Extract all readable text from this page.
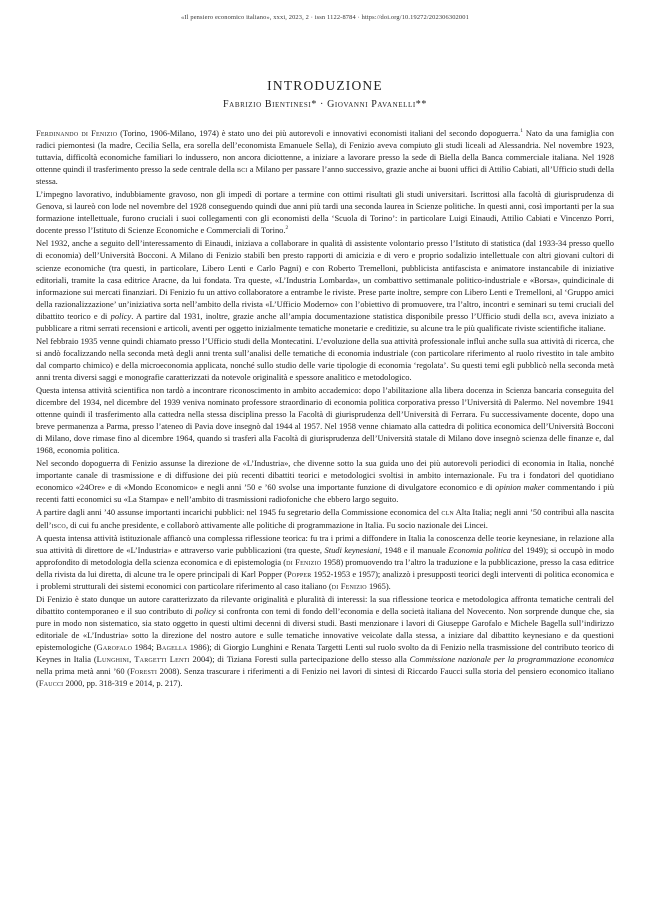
«Il pensiero economico italiano», xxxi, 2023, 2 · issn 1122-8784 · https://doi.org/10.19272/202306302001
INTRODUZIONE
Fabrizio Bientinesi* · Giovanni Pavanelli**

Ferdinando di Fenizio (Torino, 1906-Milano, 1974) è stato uno dei più autorevoli e innovativi economisti italiani del secondo dopoguerra.$^1$ Nato da una famiglia con radici piemontesi (la madre, Cecilia Sella, era sorella dell’economista Emanuele Sella), di Fenizio aveva compiuto gli studi liceali ad Alessandria. Nel novembre 1923, tuttavia, difficoltà economiche familiari lo indussero, non ancora diciottenne, a iniziare a lavorare presso la sede di Biella della Banca commerciale italiana. Nel 1928 ottenne quindi il trasferimento presso la sede centrale della bci a Milano per passare l’anno successivo, grazie anche ai buoni uffici di Attilio Cabiati, all’Ufficio studi della stessa.

L’impegno lavorativo, indubbiamente gravoso, non gli impedì di portare a termine con ottimi risultati gli studi universitari. Iscrittosi alla facoltà di giurisprudenza di Genova, si laureò con lode nel novembre del 1928 conseguendo quindi due anni più tardi una seconda laurea in Scienze politiche. In questi anni, così importanti per la sua formazione intellettuale, furono cruciali i suoi collegamenti con gli economisti della ‘Scuola di Torino’: in particolare Luigi Einaudi, Attilio Cabiati e Vincenzo Porri, docente presso l’Istituto di Scienze Economiche e Commerciali di Torino.$^2$

Nel 1932, anche a seguito dell’interessamento di Einaudi, iniziava a collaborare in qualità di assistente volontario presso l’Istituto di statistica (dal 1933-34 presso quello di economia) dell’Università Bocconi. A Milano di Fenizio stabilì ben presto rapporti di amicizia e di vero e proprio sodalizio intellettuale con altri giovani cultori di scienze economiche (tra questi, in particolare, Libero Lenti e Carlo Pagni) e con Roberto Tremelloni, pubblicista antifascista e animatore instancabile di iniziative editoriali, tramite la casa editrice Aracne, da lui fondata. Tra queste, «L’Industria Lombarda», un combattivo settimanale politico-industriale e «Borsa», quindicinale di informazione sui mercati finanziari. Di Fenizio fu un attivo collaboratore a entrambe le riviste. Prese parte inoltre, sempre con Libero Lenti e Tremelloni, al ‘Gruppo amici della razionalizzazione’ un’iniziativa sorta nell’ambito della rivista «L’Ufficio Moderno» con l’obiettivo di promuovere, tra l’altro, incontri e seminari su temi cruciali del dibattito teorico e di policy. A partire dal 1931, inoltre, grazie anche all’ampia documentazione statistica disponibile presso l’Ufficio studi della bci, aveva iniziato a pubblicare a ritmi serrati recensioni e articoli, aventi per oggetto inizialmente tematiche monetarie e creditizie, su alcune tra le più qualificate riviste scientifiche italiane.

Nel febbraio 1935 venne quindi chiamato presso l’Ufficio studi della Montecatini. L’evoluzione della sua attività professionale influì anche sulla sua attività di ricerca, che si andò focalizzando nella seconda metà degli anni trenta sull’analisi delle tematiche di economia industriale (con particolare riferimento al ruolo rivestito in tale ambito dal comparto chimico) e della microeconomia applicata, nonché sullo studio delle varie tipologie di economia ‘regolata’. Su questi temi egli pubblicò nella seconda metà anni trenta diversi saggi e monografie caratterizzati da notevole originalità e spessore analitico e metodologico.

Questa intensa attività scientifica non tardò a incontrare riconoscimento in ambito accademico: dopo l’abilitazione alla libera docenza in Scienza bancaria conseguita del dicembre del 1934, nel dicembre del 1939 veniva nominato professore straordinario di economia politica corporativa presso l’Università di Palermo. Nel novembre 1941 ottenne quindi il trasferimento alla cattedra nella stessa disciplina presso la Facoltà di giurisprudenza dell’Università di Ferrara. Fu successivamente docente, dopo una breve permanenza a Parma, presso l’ateneo di Pavia dove insegnò dal 1944 al 1957. Nel 1958 venne chiamato alla cattedra di politica economica dell’Università Bocconi di Milano, dove rimase fino al dicembre 1964, quando si trasferì alla Facoltà di giurisprudenza dell’Università statale di Milano dove insegnò scienza delle finanze e, dal 1968, economia politica.

Nel secondo dopoguerra di Fenizio assunse la direzione de «L’Industria», che divenne sotto la sua guida uno dei più autorevoli periodici di economia in Italia, nonché importante canale di trasmissione e di diffusione dei più recenti dibattiti teorici e metodologici svoltisi in ambito internazionale. Fu tra i fondatori del quotidiano economico «24Ore» e di «Mondo Economico» e negli anni ’50 e ’60 svolse una importante funzione di divulgatore economico e di opinion maker commentando i più recenti fatti economici su «La Stampa» e nell’ambito di trasmissioni radiofoniche che ebbero largo seguito.

A partire dagli anni ’40 assunse importanti incarichi pubblici: nel 1945 fu segretario della Commissione economica del cln Alta Italia; negli anni ’50 contribuì alla nascita dell’isco, di cui fu anche presidente, e collaborò attivamente alle politiche di programmazione in Italia. Fu socio nazionale dei Lincei.

A questa intensa attività istituzionale affiancò una complessa riflessione teorica: fu tra i primi a diffondere in Italia la conoscenza delle teorie keynesiane, in relazione alla sua attività di direttore de «L’Industria» e attraverso varie pubblicazioni (tra queste, Studi keynesiani, 1948 e il manuale Economia politica del 1949); si occupò in modo approfondito di metodologia della scienza economica e di epistemologia (di Fenizio 1958) promuovendo tra l’altro la traduzione e la pubblicazione, presso la casa editrice della rivista da lui diretta, di alcune tra le opere principali di Karl Popper (Popper 1952-1953 e 1957); analizzò i presupposti teorici degli interventi di politica economica e i problemi strutturali dei sistemi economici con particolare riferimento al caso italiano (di Fenizio 1965).

Di Fenizio è stato dunque un autore caratterizzato da rilevante originalità e pluralità di interessi: la sua riflessione teorica e metodologica affronta tematiche centrali del dibattito contemporaneo e il suo contributo di policy si confronta con temi di fondo dell’economia e della società italiana del Novecento. Non sorprende dunque che, sia pure in modo non sistematico, sia stato oggetto in questi ultimi decenni di diversi studi. Basti menzionare i lavori di Giuseppe Garofalo e Michele Bagella sull’indirizzo editoriale de «L’Industria» sotto la direzione del nostro autore e sulle tematiche innovative veicolate dalla stessa, a iniziare dal dibattito keynesiano e da questioni epistemologiche (Garofalo 1984; Bagella 1986); di Giorgio Lunghini e Renata Targetti Lenti sul ruolo svolto da di Fenizio nella trasmissione del contributo teorico di Keynes in Italia (Lunghini, Targetti Lenti 2004); di Tiziana Foresti sulla partecipazione dello stesso alla Commissione nazionale per la programmazione economica nella prima metà anni ’60 (Foresti 2008). Senza trascurare i riferimenti a di Fenizio nei lavori di sintesi di Riccardo Faucci sulla storia del pensiero economico italiano (Faucci 2000, pp. 318-319 e 2014, p. 217).
